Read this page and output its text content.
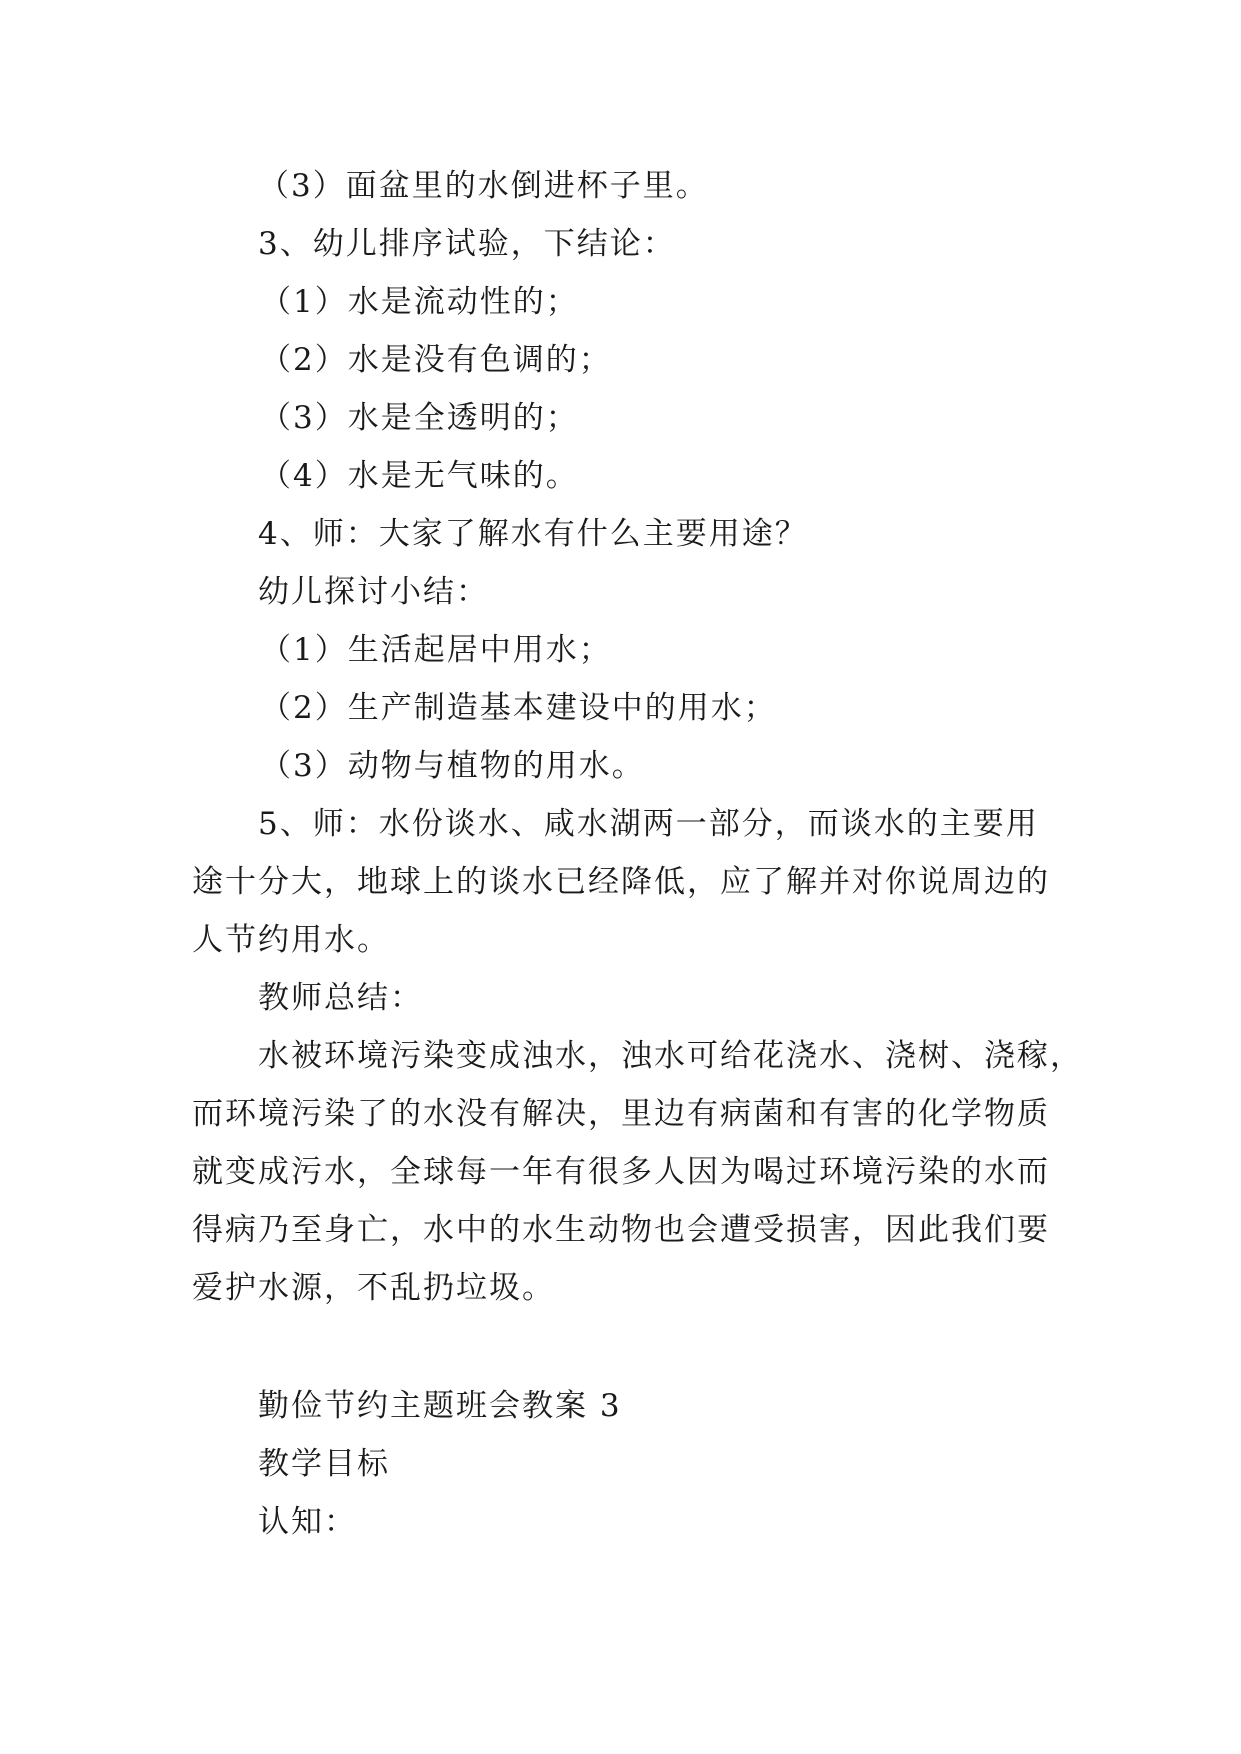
（3）面盆里的水倒进杯子里。
3、幼儿排序试验，下结论：
（1）水是流动性的；
（2）水是没有色调的；
（3）水是全透明的；
（4）水是无气味的。
4、师：大家了解水有什么主要用途？
幼儿探讨小结：
（1）生活起居中用水；
（2）生产制造基本建设中的用水；
（3）动物与植物的用水。
5、师：水份谈水、咸水湖两一部分，而谈水的主要用
途十分大，地球上的谈水已经降低，应了解并对你说周边的
人节约用水。
教师总结：
水被环境污染变成浊水，浊水可给花浇水、浇树、浇稼，
而环境污染了的水没有解决，里边有病菌和有害的化学物质
就变成污水，全球每一年有很多人因为喝过环境污染的水而
得病乃至身亡，水中的水生动物也会遭受损害，因此我们要
爱护水源，不乱扔垃圾。
勤俭节约主题班会教案 3
教学目标
认知：
